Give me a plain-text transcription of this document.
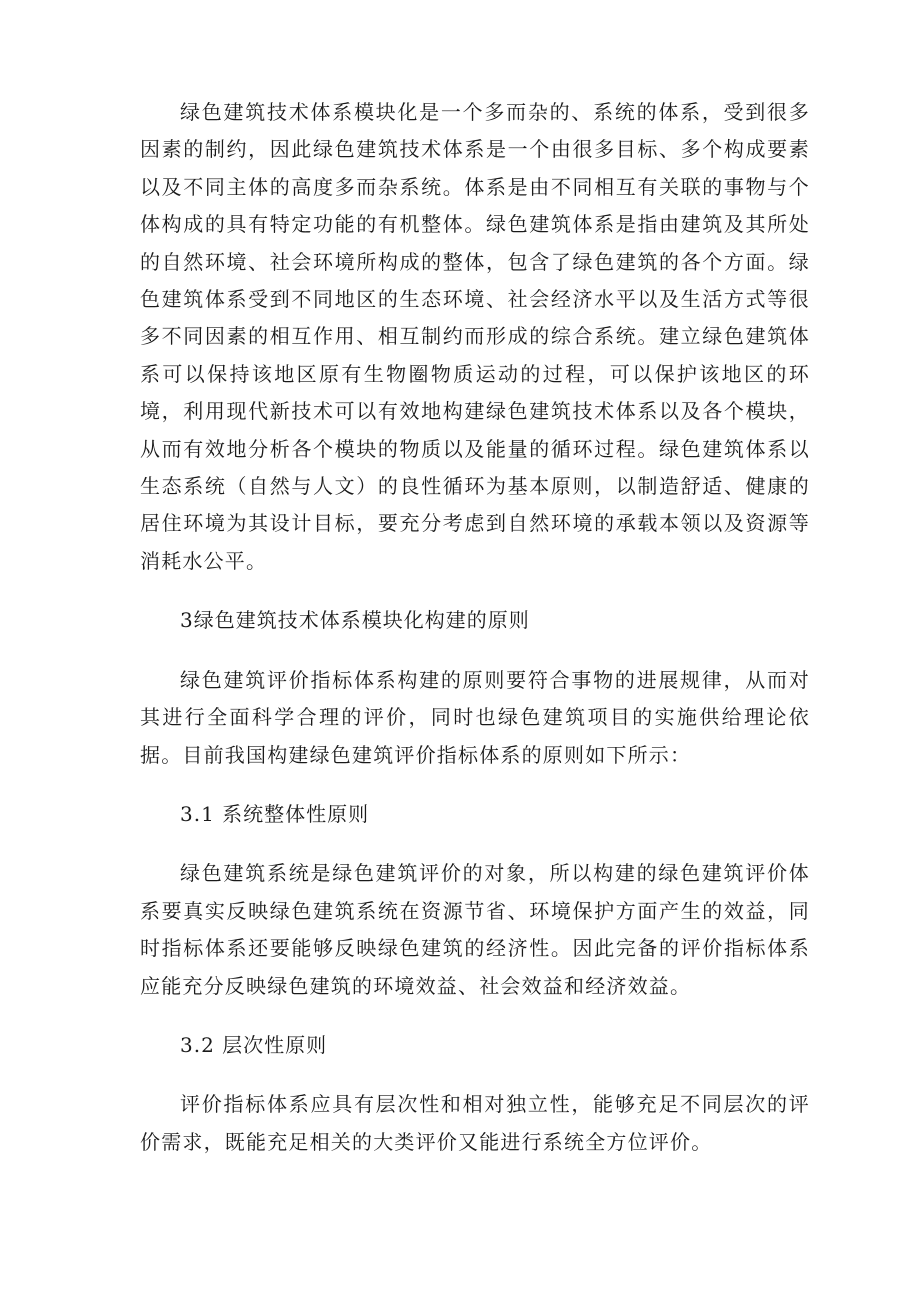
绿色建筑技术体系模块化是一个多而杂的、系统的体系，受到很多因素的制约，因此绿色建筑技术体系是一个由很多目标、多个构成要素以及不同主体的高度多而杂系统。体系是由不同相互有关联的事物与个体构成的具有特定功能的有机整体。绿色建筑体系是指由建筑及其所处的自然环境、社会环境所构成的整体，包含了绿色建筑的各个方面。绿色建筑体系受到不同地区的生态环境、社会经济水平以及生活方式等很多不同因素的相互作用、相互制约而形成的综合系统。建立绿色建筑体系可以保持该地区原有生物圈物质运动的过程，可以保护该地区的环境，利用现代新技术可以有效地构建绿色建筑技术体系以及各个模块，从而有效地分析各个模块的物质以及能量的循环过程。绿色建筑体系以生态系统（自然与人文）的良性循环为基本原则，以制造舒适、健康的居住环境为其设计目标，要充分考虑到自然环境的承载本领以及资源等消耗水公平。

3绿色建筑技术体系模块化构建的原则

绿色建筑评价指标体系构建的原则要符合事物的进展规律，从而对其进行全面科学合理的评价，同时也绿色建筑项目的实施供给理论依据。目前我国构建绿色建筑评价指标体系的原则如下所示：

3.1 系统整体性原则

绿色建筑系统是绿色建筑评价的对象，所以构建的绿色建筑评价体系要真实反映绿色建筑系统在资源节省、环境保护方面产生的效益，同时指标体系还要能够反映绿色建筑的经济性。因此完备的评价指标体系应能充分反映绿色建筑的环境效益、社会效益和经济效益。

3.2 层次性原则

评价指标体系应具有层次性和相对独立性，能够充足不同层次的评价需求，既能充足相关的大类评价又能进行系统全方位评价。
